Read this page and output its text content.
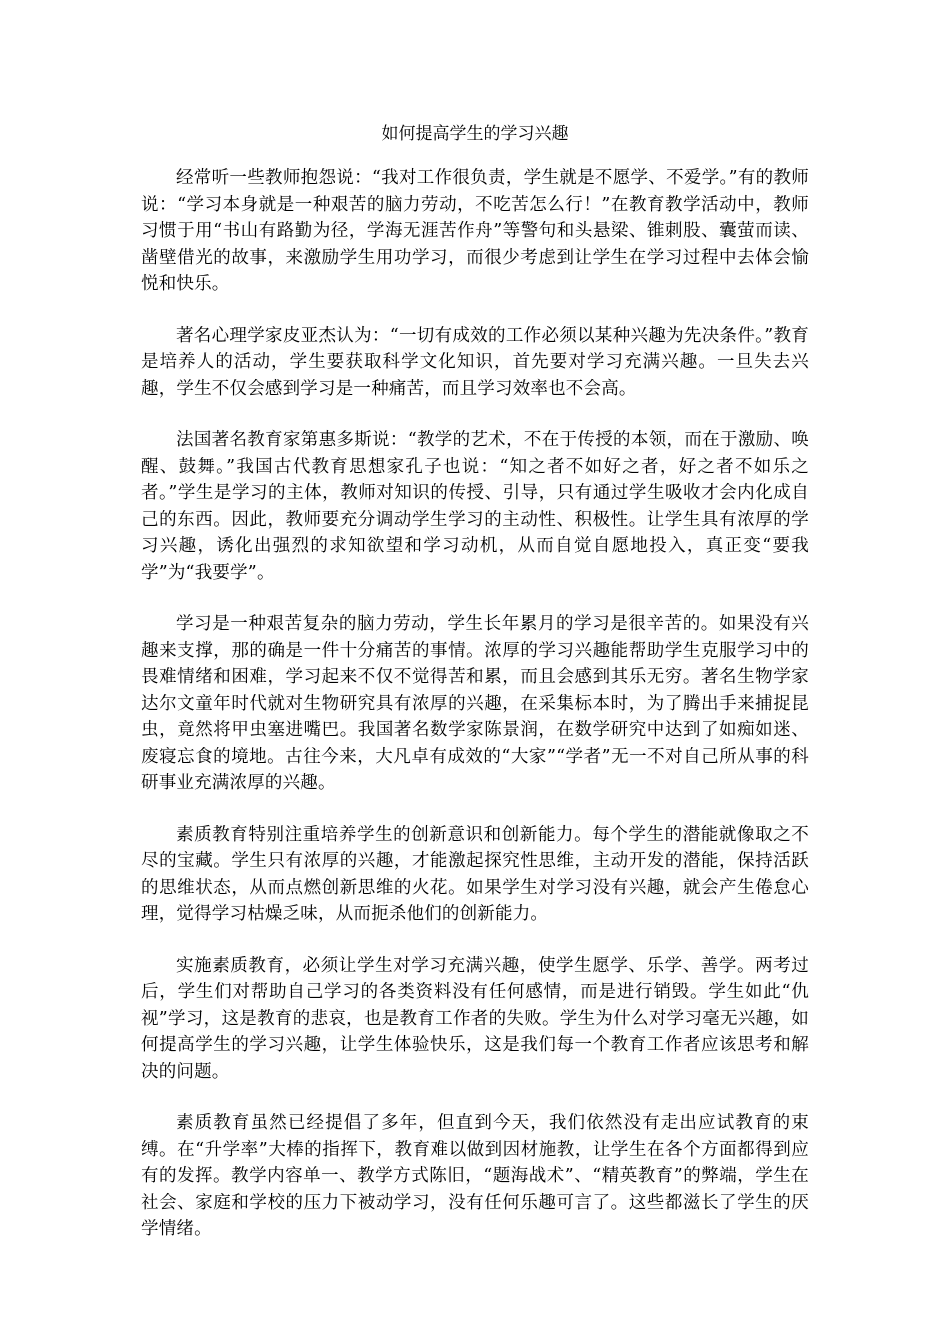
如何提高学生的学习兴趣

经常听一些教师抱怨说：“我对工作很负责，学生就是不愿学、不爱学。”有的教师说：“学习本身就是一种艰苦的脑力劳动，不吃苦怎么行！”在教育教学活动中，教师习惯于用“书山有路勤为径，学海无涯苦作舟”等警句和头悬梁、锥刺股、囊萤而读、凿壁借光的故事，来激励学生用功学习，而很少考虑到让学生在学习过程中去体会愉悦和快乐。

著名心理学家皮亚杰认为：“一切有成效的工作必须以某种兴趣为先决条件。”教育是培养人的活动，学生要获取科学文化知识，首先要对学习充满兴趣。一旦失去兴趣，学生不仅会感到学习是一种痛苦，而且学习效率也不会高。

法国著名教育家第惠多斯说：“教学的艺术，不在于传授的本领，而在于激励、唤醒、鼓舞。”我国古代教育思想家孔子也说：“知之者不如好之者，好之者不如乐之者。”学生是学习的主体，教师对知识的传授、引导，只有通过学生吸收才会内化成自己的东西。因此，教师要充分调动学生学习的主动性、积极性。让学生具有浓厚的学习兴趣，诱化出强烈的求知欲望和学习动机，从而自觉自愿地投入，真正变“要我学”为“我要学”。

学习是一种艰苦复杂的脑力劳动，学生长年累月的学习是很辛苦的。如果没有兴趣来支撑，那的确是一件十分痛苦的事情。浓厚的学习兴趣能帮助学生克服学习中的畏难情绪和困难，学习起来不仅不觉得苦和累，而且会感到其乐无穷。著名生物学家达尔文童年时代就对生物研究具有浓厚的兴趣，在采集标本时，为了腾出手来捕捉昆虫，竟然将甲虫塞进嘴巴。我国著名数学家陈景润，在数学研究中达到了如痴如迷、废寝忘食的境地。古往今来，大凡卓有成效的“大家”“学者”无一不对自己所从事的科研事业充满浓厚的兴趣。

素质教育特别注重培养学生的创新意识和创新能力。每个学生的潜能就像取之不尽的宝藏。学生只有浓厚的兴趣，才能激起探究性思维，主动开发的潜能，保持活跃的思维状态，从而点燃创新思维的火花。如果学生对学习没有兴趣，就会产生倦怠心理，觉得学习枯燥乏味，从而扼杀他们的创新能力。

实施素质教育，必须让学生对学习充满兴趣，使学生愿学、乐学、善学。两考过后，学生们对帮助自己学习的各类资料没有任何感情，而是进行销毁。学生如此“仇视”学习，这是教育的悲哀，也是教育工作者的失败。学生为什么对学习毫无兴趣，如何提高学生的学习兴趣，让学生体验快乐，这是我们每一个教育工作者应该思考和解决的问题。

素质教育虽然已经提倡了多年，但直到今天，我们依然没有走出应试教育的束缚。在“升学率”大棒的指挥下，教育难以做到因材施教，让学生在各个方面都得到应有的发挥。教学内容单一、教学方式陈旧，“题海战术”、“精英教育”的弊端，学生在社会、家庭和学校的压力下被动学习，没有任何乐趣可言了。这些都滋长了学生的厌学情绪。
